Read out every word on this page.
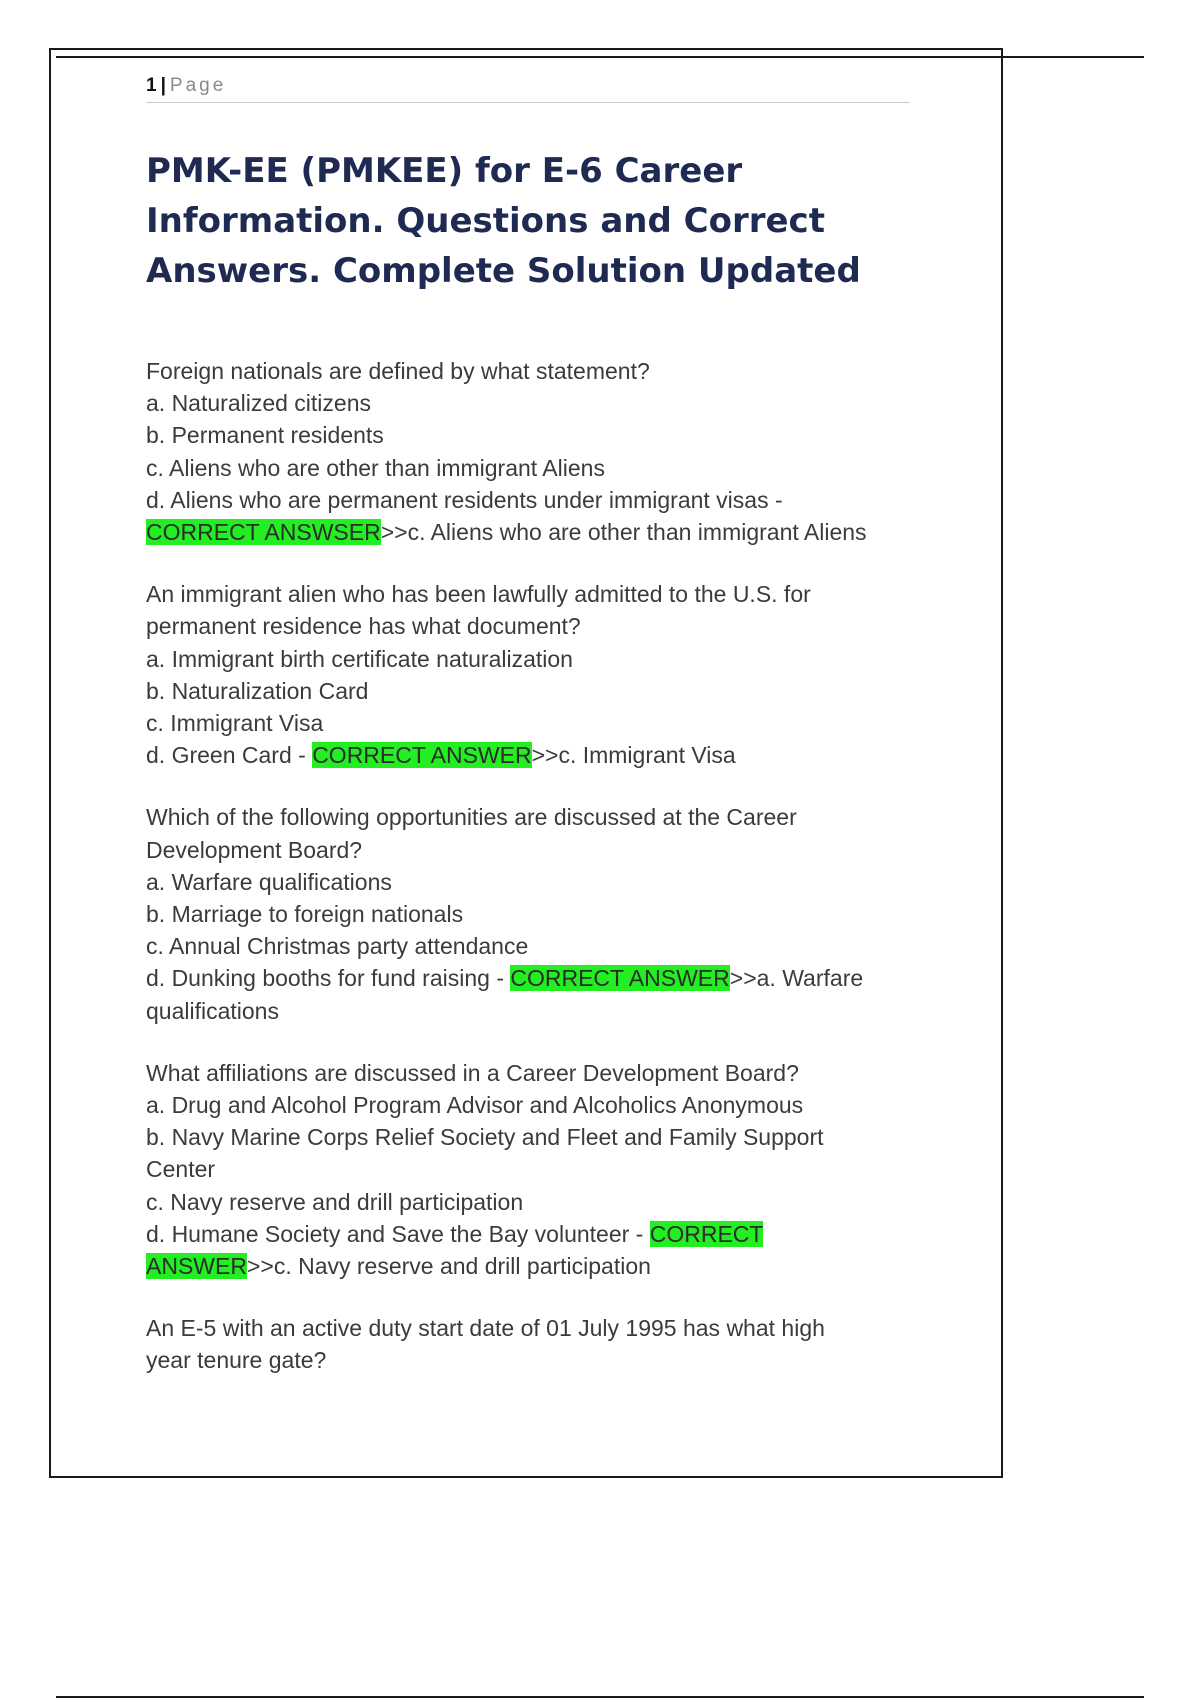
1 | Page
PMK-EE (PMKEE) for E-6 Career Information. Questions and Correct Answers. Complete Solution Updated
Foreign nationals are defined by what statement?
a. Naturalized citizens
b. Permanent residents
c. Aliens who are other than immigrant Aliens
d. Aliens who are permanent residents under immigrant visas -
CORRECT ANSWSER>>c. Aliens who are other than immigrant Aliens
An immigrant alien who has been lawfully admitted to the U.S. for
permanent residence has what document?
a. Immigrant birth certificate naturalization
b. Naturalization Card
c. Immigrant Visa
d. Green Card - CORRECT ANSWER>>c. Immigrant Visa
Which of the following opportunities are discussed at the Career
Development Board?
a. Warfare qualifications
b. Marriage to foreign nationals
c. Annual Christmas party attendance
d. Dunking booths for fund raising - CORRECT ANSWER>>a. Warfare
qualifications
What affiliations are discussed in a Career Development Board?
a. Drug and Alcohol Program Advisor and Alcoholics Anonymous
b. Navy Marine Corps Relief Society and Fleet and Family Support
Center
c. Navy reserve and drill participation
d. Humane Society and Save the Bay volunteer - CORRECT
ANSWER>>c. Navy reserve and drill participation
An E-5 with an active duty start date of 01 July 1995 has what high
year tenure gate?
